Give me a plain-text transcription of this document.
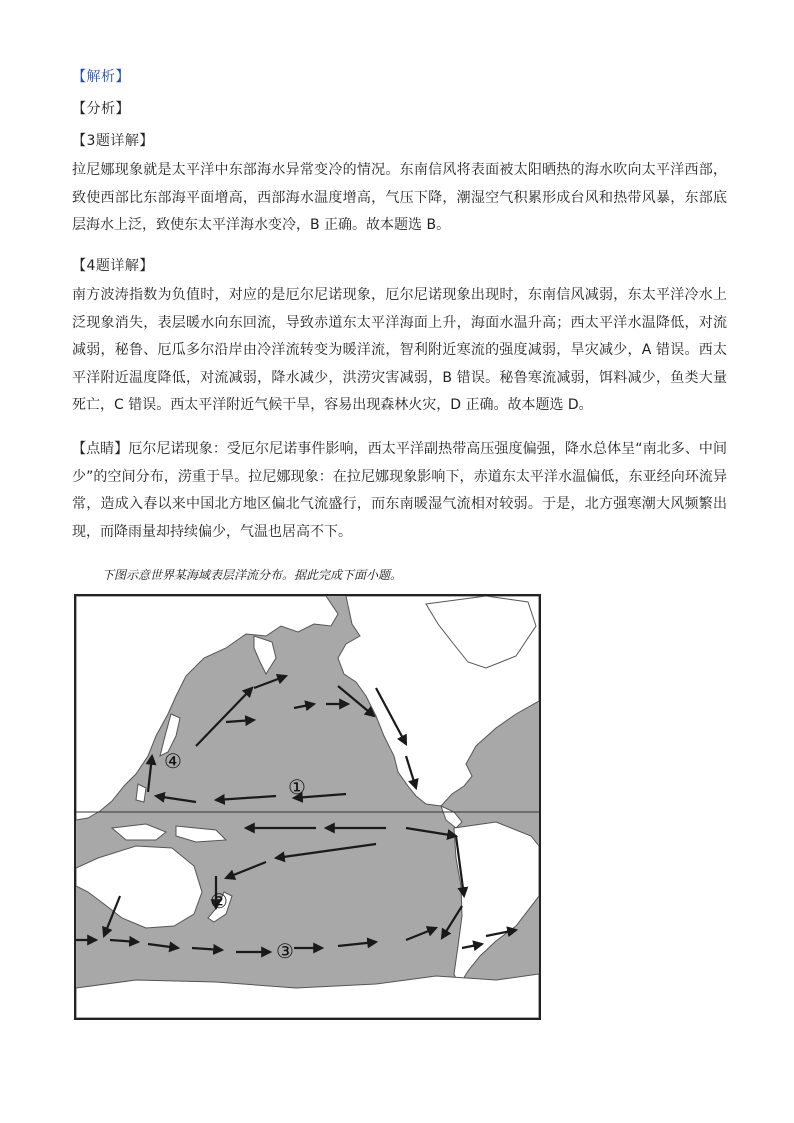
【解析】
【分析】
【3题详解】

拉尼娜现象就是太平洋中东部海水异常变冷的情况。东南信风将表面被太阳晒热的海水吹向太平洋西部，致使西部比东部海平面增高，西部海水温度增高，气压下降，潮湿空气积累形成台风和热带风暴，东部底层海水上泛，致使东太平洋海水变冷，B 正确。故本题选 B。

【4题详解】

南方波涛指数为负值时，对应的是厄尔尼诺现象，厄尔尼诺现象出现时，东南信风减弱，东太平洋冷水上泛现象消失，表层暖水向东回流，导致赤道东太平洋海面上升，海面水温升高；西太平洋水温降低，对流减弱，秘鲁、厄瓜多尔沿岸由冷洋流转变为暖洋流，智利附近寒流的强度减弱，旱灾减少，A 错误。西太平洋附近温度降低，对流减弱，降水减少，洪涝灾害减弱，B 错误。秘鲁寒流减弱，饵料减少，鱼类大量死亡，C 错误。西太平洋附近气候干旱，容易出现森林火灾，D 正确。故本题选 D。

【点睛】厄尔尼诺现象：受厄尔尼诺事件影响，西太平洋副热带高压强度偏强，降水总体呈“南北多、中间少”的空间分布，涝重于旱。拉尼娜现象：在拉尼娜现象影响下，赤道东太平洋水温偏低，东亚经向环流异常，造成入春以来中国北方地区偏北气流盛行，而东南暖湿气流相对较弱。于是，北方强寒潮大风频繁出现，而降雨量却持续偏少，气温也居高不下。

下图示意世界某海域表层洋流分布。据此完成下面小题。
①
②
③
④
